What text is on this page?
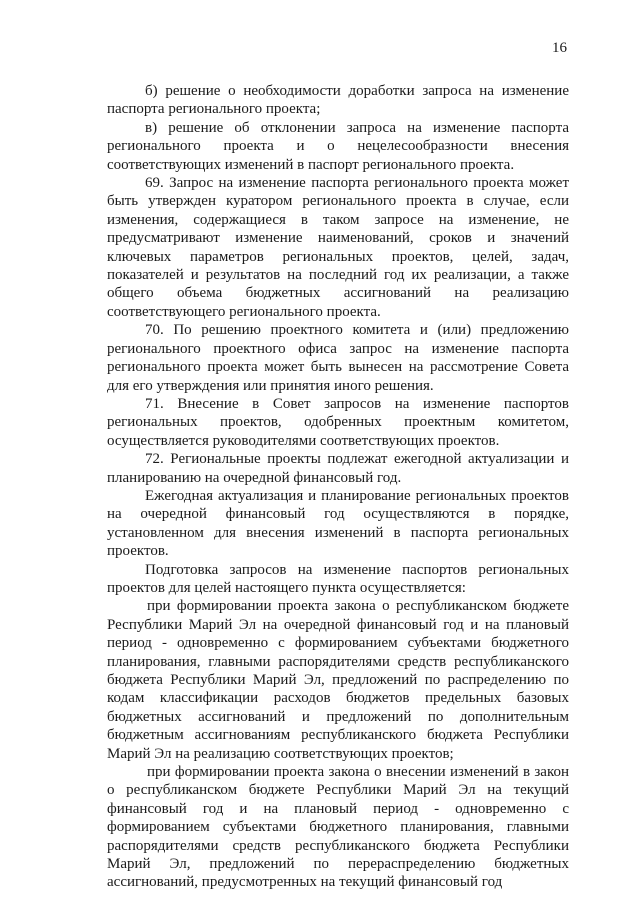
16

б) решение о необходимости доработки запроса на изменение паспорта регионального проекта;

в) решение об отклонении запроса на изменение паспорта регионального проекта и о нецелесообразности внесения соответствующих изменений в паспорт регионального проекта.

69. Запрос на изменение паспорта регионального проекта может быть утвержден куратором регионального проекта в случае, если изменения, содержащиеся в таком запросе на изменение, не предусматривают изменение наименований, сроков и значений ключевых параметров региональных проектов, целей, задач, показателей и результатов на последний год их реализации, а также общего объема бюджетных ассигнований на реализацию соответствующего регионального проекта.

70. По решению проектного комитета и (или) предложению регионального проектного офиса запрос на изменение паспорта регионального проекта может быть вынесен на рассмотрение Совета для его утверждения или принятия иного решения.

71. Внесение в Совет запросов на изменение паспортов региональных проектов, одобренных проектным комитетом, осуществляется руководителями соответствующих проектов.

72. Региональные проекты подлежат ежегодной актуализации и планированию на очередной финансовый год.

Ежегодная актуализация и планирование региональных проектов на очередной финансовый год осуществляются в порядке, установленном для внесения изменений в паспорта региональных проектов.

Подготовка запросов на изменение паспортов региональных проектов для целей настоящего пункта осуществляется:

при формировании проекта закона о республиканском бюджете Республики Марий Эл на очередной финансовый год и на плановый период - одновременно с формированием субъектами бюджетного планирования, главными распорядителями средств республиканского бюджета Республики Марий Эл, предложений по распределению по кодам классификации расходов бюджетов предельных базовых бюджетных ассигнований и предложений по дополнительным бюджетным ассигнованиям республиканского бюджета Республики Марий Эл на реализацию соответствующих проектов;

при формировании проекта закона о внесении изменений в закон о республиканском бюджете Республики Марий Эл на текущий финансовый год и на плановый период - одновременно с формированием субъектами бюджетного планирования, главными распорядителями средств республиканского бюджета Республики Марий Эл, предложений по перераспределению бюджетных ассигнований, предусмотренных на текущий финансовый год
